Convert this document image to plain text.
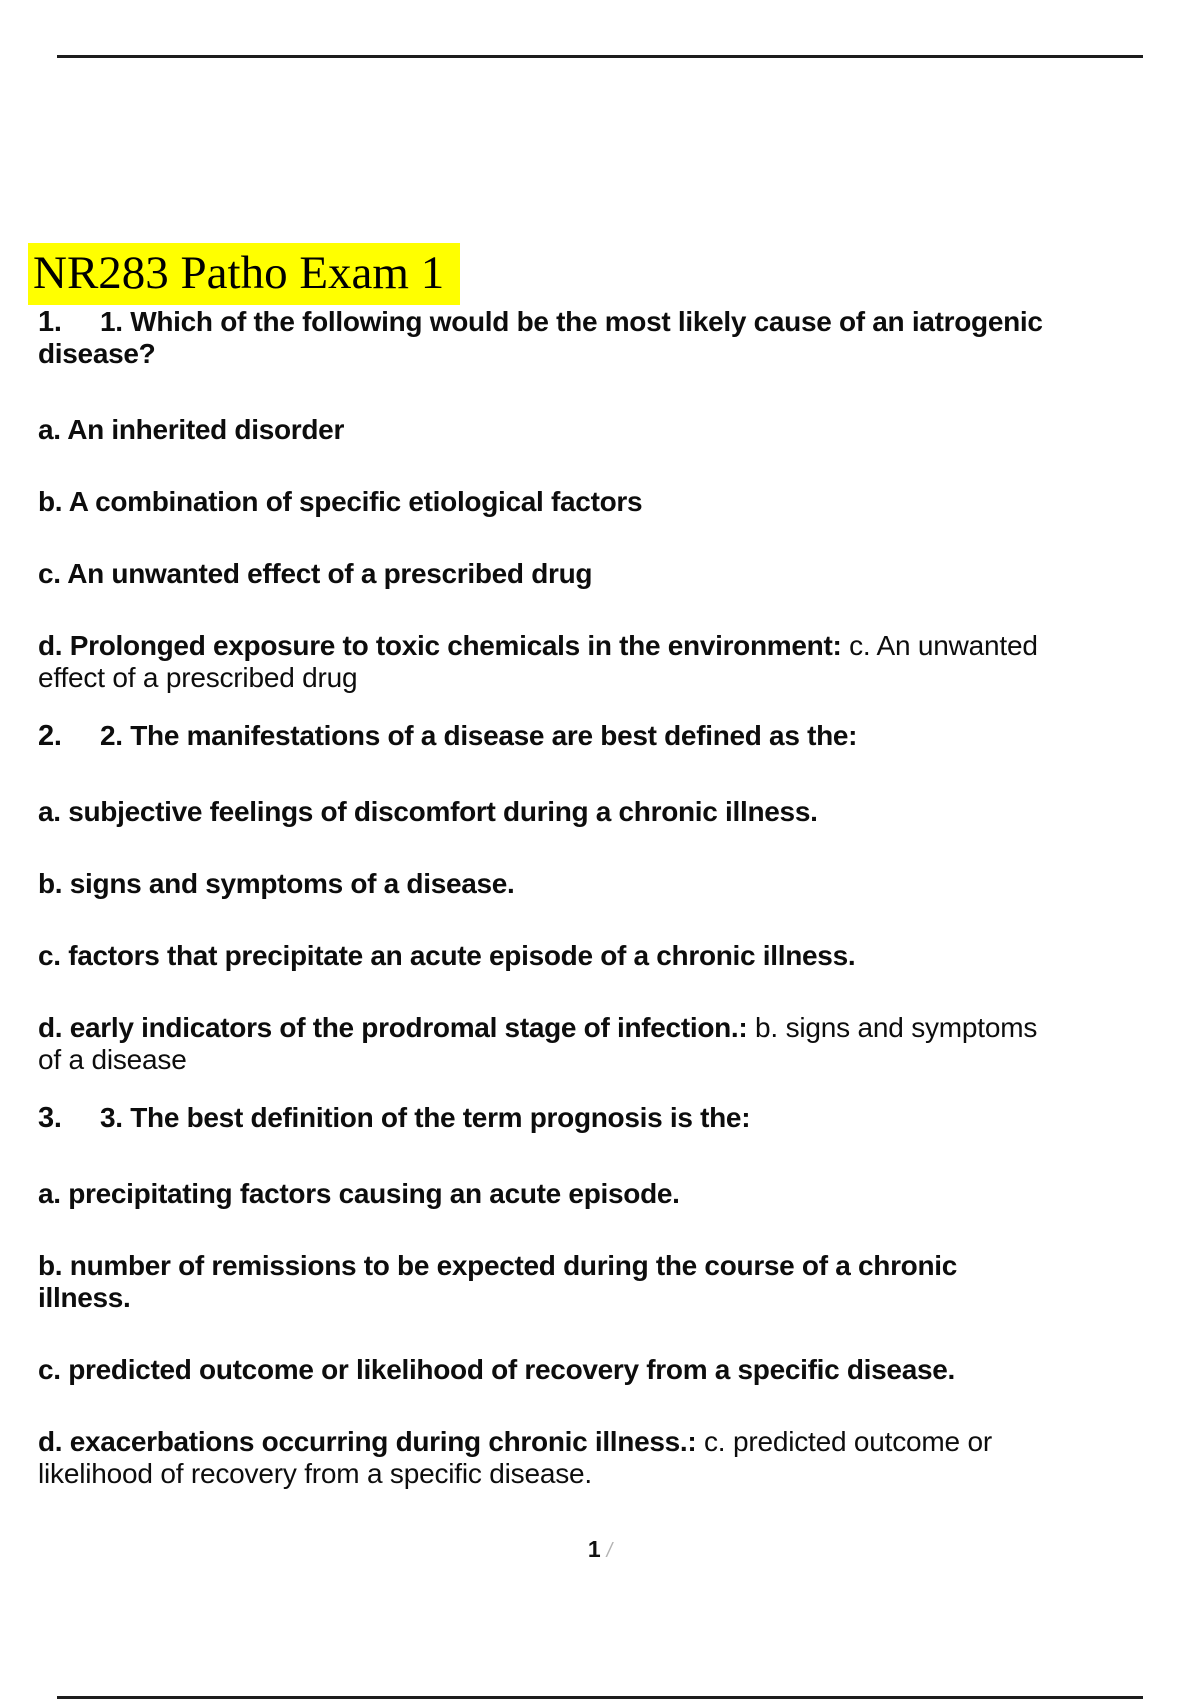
NR283 Patho Exam 1

1. 1. Which of the following would be the most likely cause of an iatrogenic disease?

a. An inherited disorder

b. A combination of specific etiological factors

c. An unwanted effect of a prescribed drug

d. Prolonged exposure to toxic chemicals in the environment: c. An unwanted effect of a prescribed drug

2. 2. The manifestations of a disease are best defined as the:

a. subjective feelings of discomfort during a chronic illness.

b. signs and symptoms of a disease.

c. factors that precipitate an acute episode of a chronic illness.

d. early indicators of the prodromal stage of infection.: b. signs and symptoms of a disease

3. 3. The best definition of the term prognosis is the:

a. precipitating factors causing an acute episode.

b. number of remissions to be expected during the course of a chronic illness.

c. predicted outcome or likelihood of recovery from a specific disease.

d. exacerbations occurring during chronic illness.: c. predicted outcome or likelihood of recovery from a specific disease.

1 /
